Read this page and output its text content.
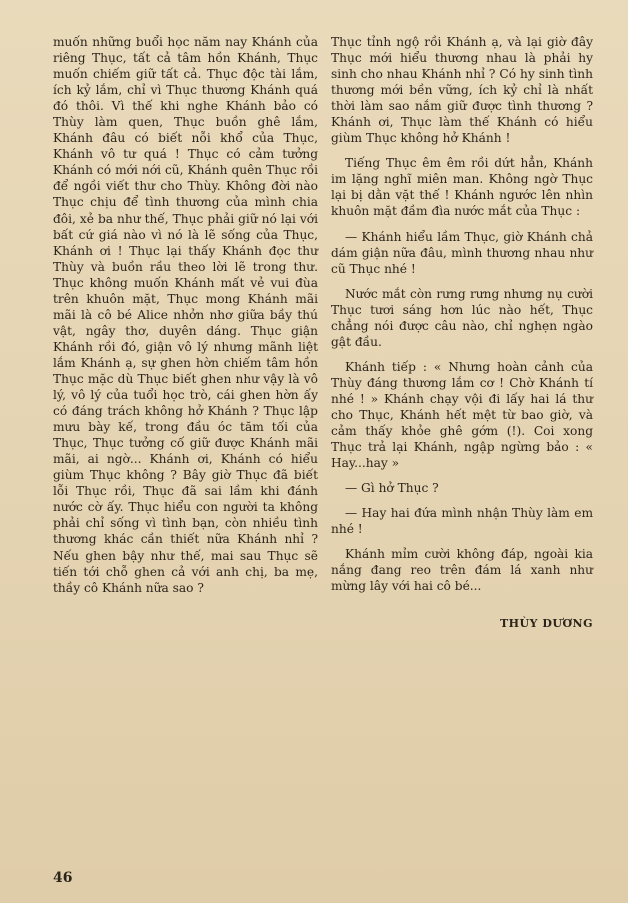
muốn những buổi học năm nay Khánh của riêng Thục, tất cả tâm hồn Khánh, Thục muốn chiếm giữ tất cả. Thục độc tài lắm, ích kỷ lắm, chỉ vì Thục thương Khánh quá đó thôi. Vì thế khi nghe Khánh bảo có Thùy làm quen, Thục buồn ghê lắm, Khánh đâu có biết nỗi khổ của Thục, Khánh vô tư quá ! Thục có cảm tưởng Khánh có mới nới cũ, Khánh quên Thục rồi để ngồi viết thư cho Thùy. Không đời nào Thục chịu để tình thương của mình chia đôi, xẻ ba như thế, Thục phải giữ nó lại với bất cứ giá nào vì nó là lẽ sống của Thục, Khánh ơi ! Thục lại thấy Khánh đọc thư Thùy và buồn rầu theo lời lẽ trong thư. Thục không muốn Khánh mất vẻ vui đùa trên khuôn mặt, Thục mong Khánh mãi mãi là cô bé Alice nhởn nhơ giữa bầy thú vật, ngây thơ, duyên dáng. Thục giận Khánh rồi đó, giận vô lý nhưng mãnh liệt lắm Khánh ạ, sự ghen hờn chiếm tâm hồn Thục mặc dù Thục biết ghen như vậy là vô lý, vô lý của tuổi học trò, cái ghen hờn ấy có đáng trách không hở Khánh ? Thục lập mưu bày kế, trong đầu óc tăm tối của Thục, Thục tưởng cố giữ được Khánh mãi mãi, ai ngờ... Khánh ơi, Khánh có hiểu giùm Thục không ? Bây giờ Thục đã biết lỗi Thục rồi, Thục đã sai lầm khi đánh nước cờ ấy. Thục hiểu con người ta không phải chỉ sống vì tình bạn, còn nhiều tình thương khác cần thiết nữa Khánh nhỉ ? Nếu ghen bậy như thế, mai sau Thục sẽ tiến tới chỗ ghen cả với anh chị, ba mẹ, thầy cô Khánh nữa sao ?

Thục tỉnh ngộ rồi Khánh ạ, và lại giờ đây Thục mới hiểu thương nhau là phải hy sinh cho nhau Khánh nhỉ ? Có hy sinh tình thương mới bền vững, ích kỷ chỉ là nhất thời làm sao nắm giữ được tình thương ? Khánh ơi, Thục làm thế Khánh có hiểu giùm Thục không hở Khánh !

Tiếng Thục êm êm rồi dứt hẳn, Khánh im lặng nghĩ miên man. Không ngờ Thục lại bị dằn vặt thế ! Khánh ngước lên nhìn khuôn mặt đầm đìa nước mắt của Thục :

— Khánh hiểu lầm Thục, giờ Khánh chả dám giận nữa đâu, mình thương nhau như cũ Thục nhé !

Nước mắt còn rưng rưng nhưng nụ cười Thục tươi sáng hơn lúc nào hết, Thục chẳng nói được câu nào, chỉ nghẹn ngào gật đầu.

Khánh tiếp : « Nhưng hoàn cảnh của Thùy đáng thương lắm cơ ! Chờ Khánh tí nhé ! » Khánh chạy vội đi lấy hai lá thư cho Thục, Khánh hết mệt từ bao giờ, và cảm thấy khỏe ghê gớm (!). Coi xong Thục trả lại Khánh, ngập ngừng bảo : « Hay...hay »

— Gì hở Thục ?

— Hay hai đứa mình nhận Thùy làm em nhé !

Khánh mỉm cười không đáp, ngoài kia nắng đang reo trên đám lá xanh như mừng lây với hai cô bé...

THÙY DƯƠNG
46
